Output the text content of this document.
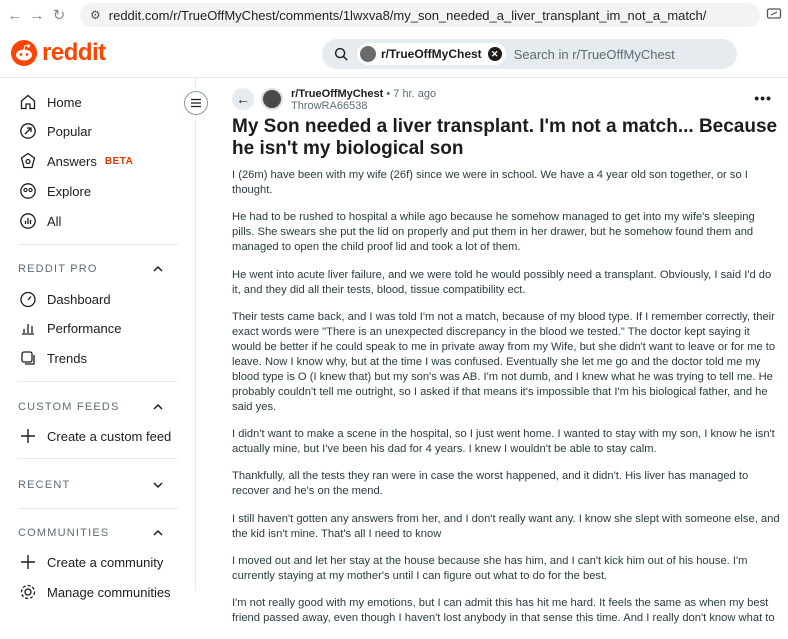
← → ↻	⚙ reddit.com/r/TrueOffMyChest/comments/1lwxva8/my_son_needed_a_liver_transplant_im_not_a_match/
reddit	r/TrueOffMyChest	✕ Search in r/TrueOffMyChest
Home
Popular
Answers BETA
Explore
All
REDDIT PRO
Dashboard
Performance
Trends
CUSTOM FEEDS
Create a custom feed
RECENT
COMMUNITIES
Create a community
Manage communities
←	r/TrueOffMyChest • 7 hr. ago
ThrowRA66538	•••
My Son needed a liver transplant. I'm not a match... Because he isn't my biological son

I (26m) have been with my wife (26f) since we were in school. We have a 4 year old son together, or so I thought.

He had to be rushed to hospital a while ago because he somehow managed to get into my wife's sleeping pills. She swears she put the lid on properly and put them in her drawer, but he somehow found them and managed to open the child proof lid and took a lot of them.

He went into acute liver failure, and we were told he would possibly need a transplant. Obviously, I said I'd do it, and they did all their tests, blood, tissue compatibility ect.

Their tests came back, and I was told I'm not a match, because of my blood type. If I remember correctly, their exact words were "There is an unexpected discrepancy in the blood we tested." The doctor kept saying it would be better if he could speak to me in private away from my Wife, but she didn't want to leave or for me to leave. Now I know why, but at the time I was confused. Eventually she let me go and the doctor told me my blood type is O (I knew that) but my son's was AB. I'm not dumb, and I knew what he was trying to tell me. He probably couldn't tell me outright, so I asked if that means it's impossible that I'm his biological father, and he said yes.

I didn't want to make a scene in the hospital, so I just went home. I wanted to stay with my son, I know he isn't actually mine, but I've been his dad for 4 years. I knew I wouldn't be able to stay calm.

Thankfully, all the tests they ran were in case the worst happened, and it didn't. His liver has managed to recover and he's on the mend.

I still haven't gotten any answers from her, and I don't really want any. I know she slept with someone else, and the kid isn't mine. That's all I need to know

I moved out and let her stay at the house because she has him, and I can't kick him out of his house. I'm currently staying at my mother's until I can figure out what to do for the best.

I'm not really good with my emotions, but I can admit this has hit me hard. It feels the same as when my best friend passed away, even though I haven't lost anybody in that sense this time. And I really don't know what to
